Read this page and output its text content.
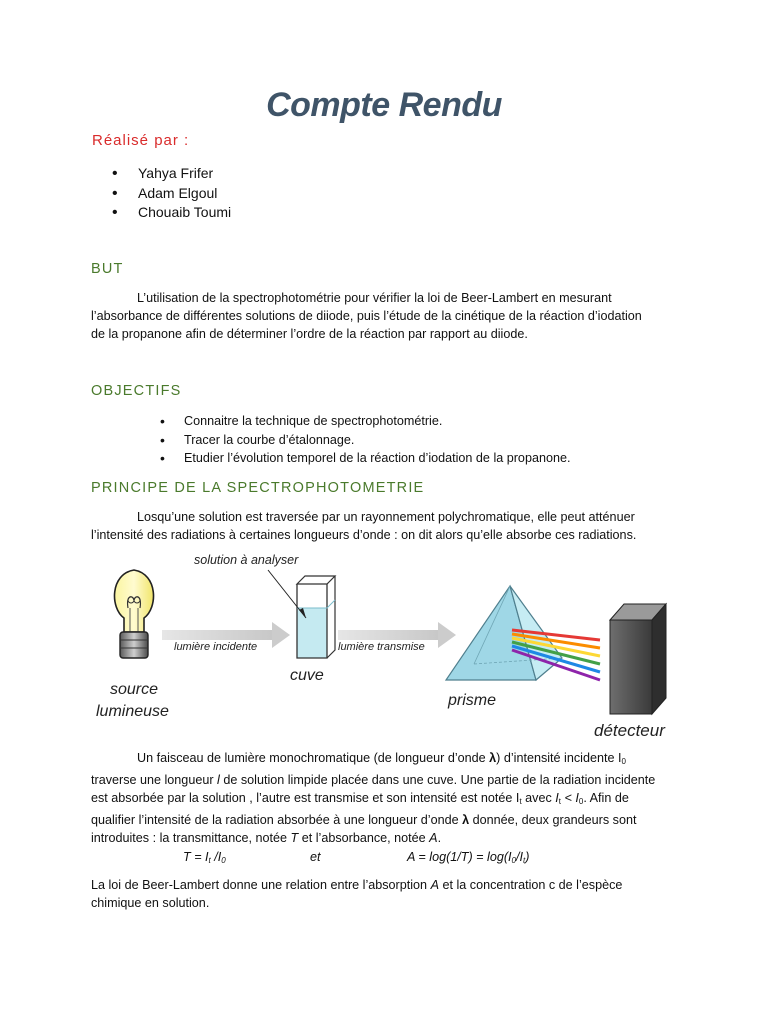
Compte Rendu
Réalisé par :
• Yahya Frifer
• Adam Elgoul
• Chouaib Toumi
BUT
L’utilisation de la spectrophotométrie pour vérifier la loi de Beer-Lambert en mesurant
l’absorbance de différentes solutions de diiode, puis l’étude de la cinétique de la réaction d’iodation
de la propanone afin de déterminer l’ordre de la réaction par rapport au diiode.
OBJECTIFS
• Connaitre la technique de spectrophotométrie.
• Tracer la courbe d’étalonnage.
• Etudier l’évolution temporel de la réaction d’iodation de la propanone.
PRINCIPE DE LA SPECTROPHOTOMETRIE
Losqu’une solution est traversée par un rayonnement polychromatique, elle peut atténuer
l’intensité des radiations à certaines longueurs d’onde : on dit alors qu’elle absorbe ces radiations.
lumière incidente
solution à analyser
cuve
lumière transmise
prisme
détecteur
source
lumineuse
Un faisceau de lumière monochromatique (de longueur d’onde λ) d’intensité incidente $I_0$
traverse une longueur l de solution limpide placée dans une cuve. Une partie de la radiation incidente
est absorbée par la solution , l’autre est transmise et son intensité est notée $I_t$ avec $I_t < I_0$. Afin de
qualifier l’intensité de la radiation absorbée à une longueur d’onde λ donnée, deux grandeurs sont
introduites : la transmittance, notée T et l’absorbance, notée A.
$T = I_t$ $/I_0$	et	$A = \log(1/T) = \log(I_0/I_t)$
La loi de Beer-Lambert donne une relation entre l’absorption A et la concentration c de l’espèce
chimique en solution.
